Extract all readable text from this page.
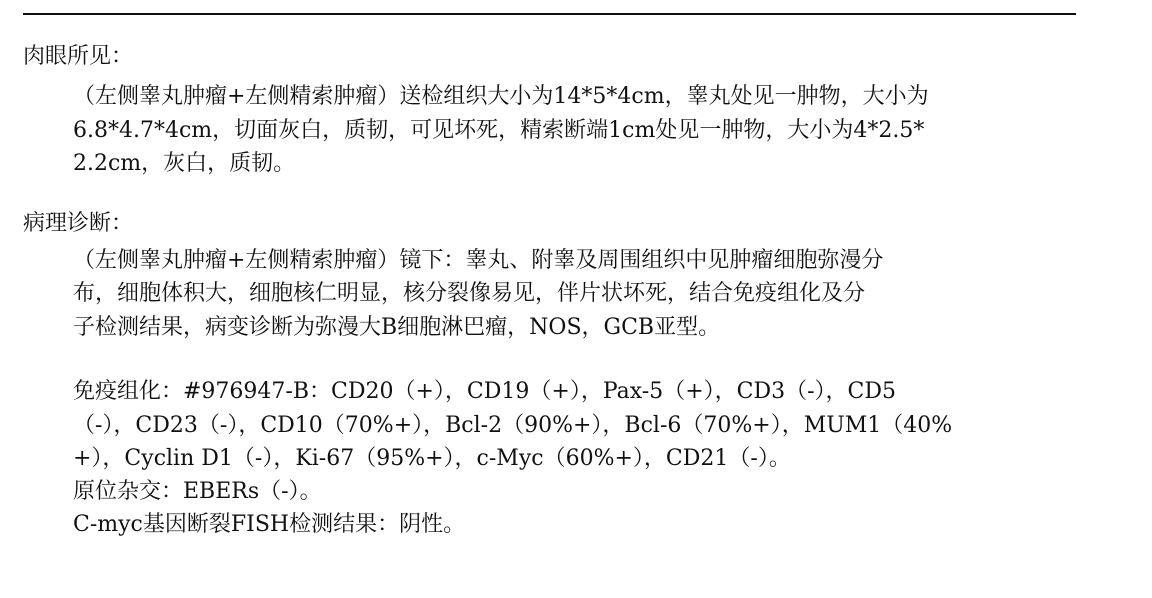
肉眼所见：
（左侧睾丸肿瘤+左侧精索肿瘤）送检组织大小为14*5*4cm，睾丸处见一肿物，大小为
6.8*4.7*4cm，切面灰白，质韧，可见坏死，精索断端1cm处见一肿物，大小为4*2.5*
2.2cm，灰白，质韧。
病理诊断：
（左侧睾丸肿瘤+左侧精索肿瘤）镜下：睾丸、附睾及周围组织中见肿瘤细胞弥漫分
布，细胞体积大，细胞核仁明显，核分裂像易见，伴片状坏死，结合免疫组化及分
子检测结果，病变诊断为弥漫大B细胞淋巴瘤，NOS，GCB亚型。
免疫组化：#976947-B：CD20（+），CD19（+），Pax-5（+），CD3（-），CD5
（-），CD23（-），CD10（70%+），Bcl-2（90%+），Bcl-6（70%+），MUM1（40%
+），Cyclin D1（-），Ki-67（95%+），c-Myc（60%+），CD21（-）。
原位杂交：EBERs（-）。
C-myc基因断裂FISH检测结果：阴性。
